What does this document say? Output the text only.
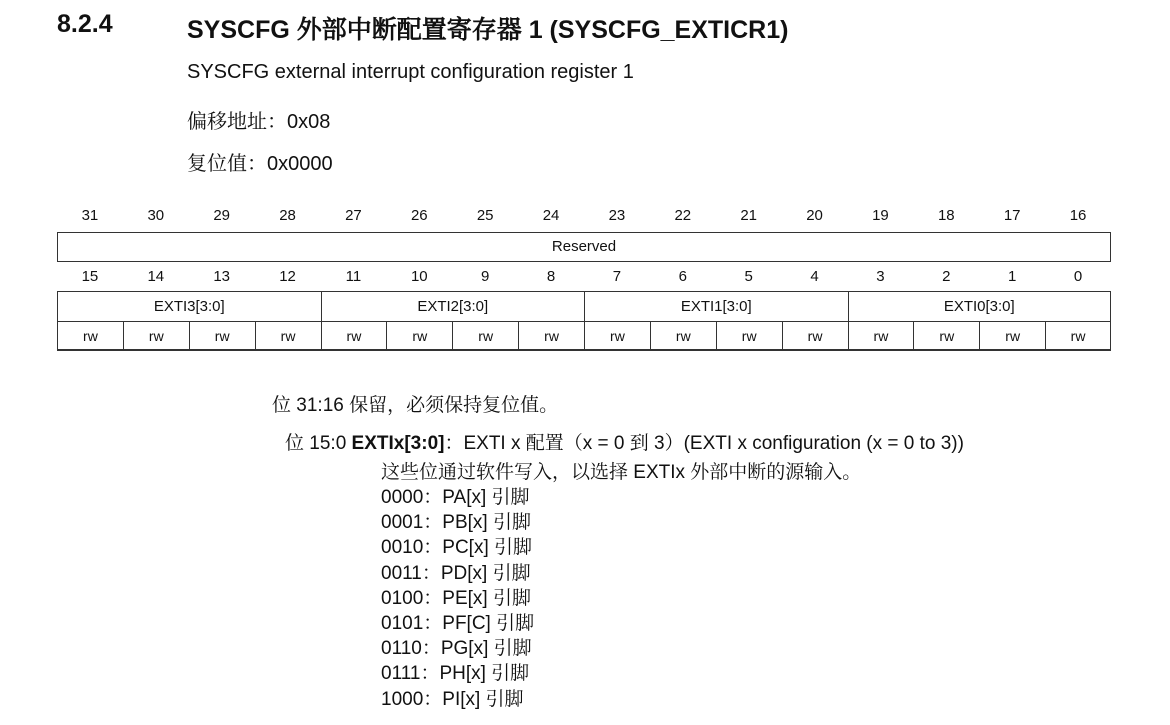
8.2.4	SYSCFG 外部中断配置寄存器 1 (SYSCFG_EXTICR1)
SYSCFG external interrupt configuration register 1
偏移地址：0x08
复位值：0x0000
31	30	29	28	27	26	25	24	23	22	21	20	19	18	17	16
Reserved
15	14	13	12	11	10	9	8	7	6	5	4	3	2	1	0
EXTI3[3:0]	EXTI2[3:0]	EXTI1[3:0]	EXTI0[3:0]
rw	rw	rw	rw	rw	rw	rw	rw	rw	rw	rw	rw	rw	rw	rw	rw
位 31:16 保留，必须保持复位值。
位 15:0 EXTIx[3:0]：EXTI x 配置（x = 0 到 3）(EXTI x configuration (x = 0 to 3))
这些位通过软件写入，以选择 EXTIx 外部中断的源输入。
0000：PA[x] 引脚
0001：PB[x] 引脚
0010：PC[x] 引脚
0011：PD[x] 引脚
0100：PE[x] 引脚
0101：PF[C] 引脚
0110：PG[x] 引脚
0111：PH[x] 引脚
1000：PI[x] 引脚
